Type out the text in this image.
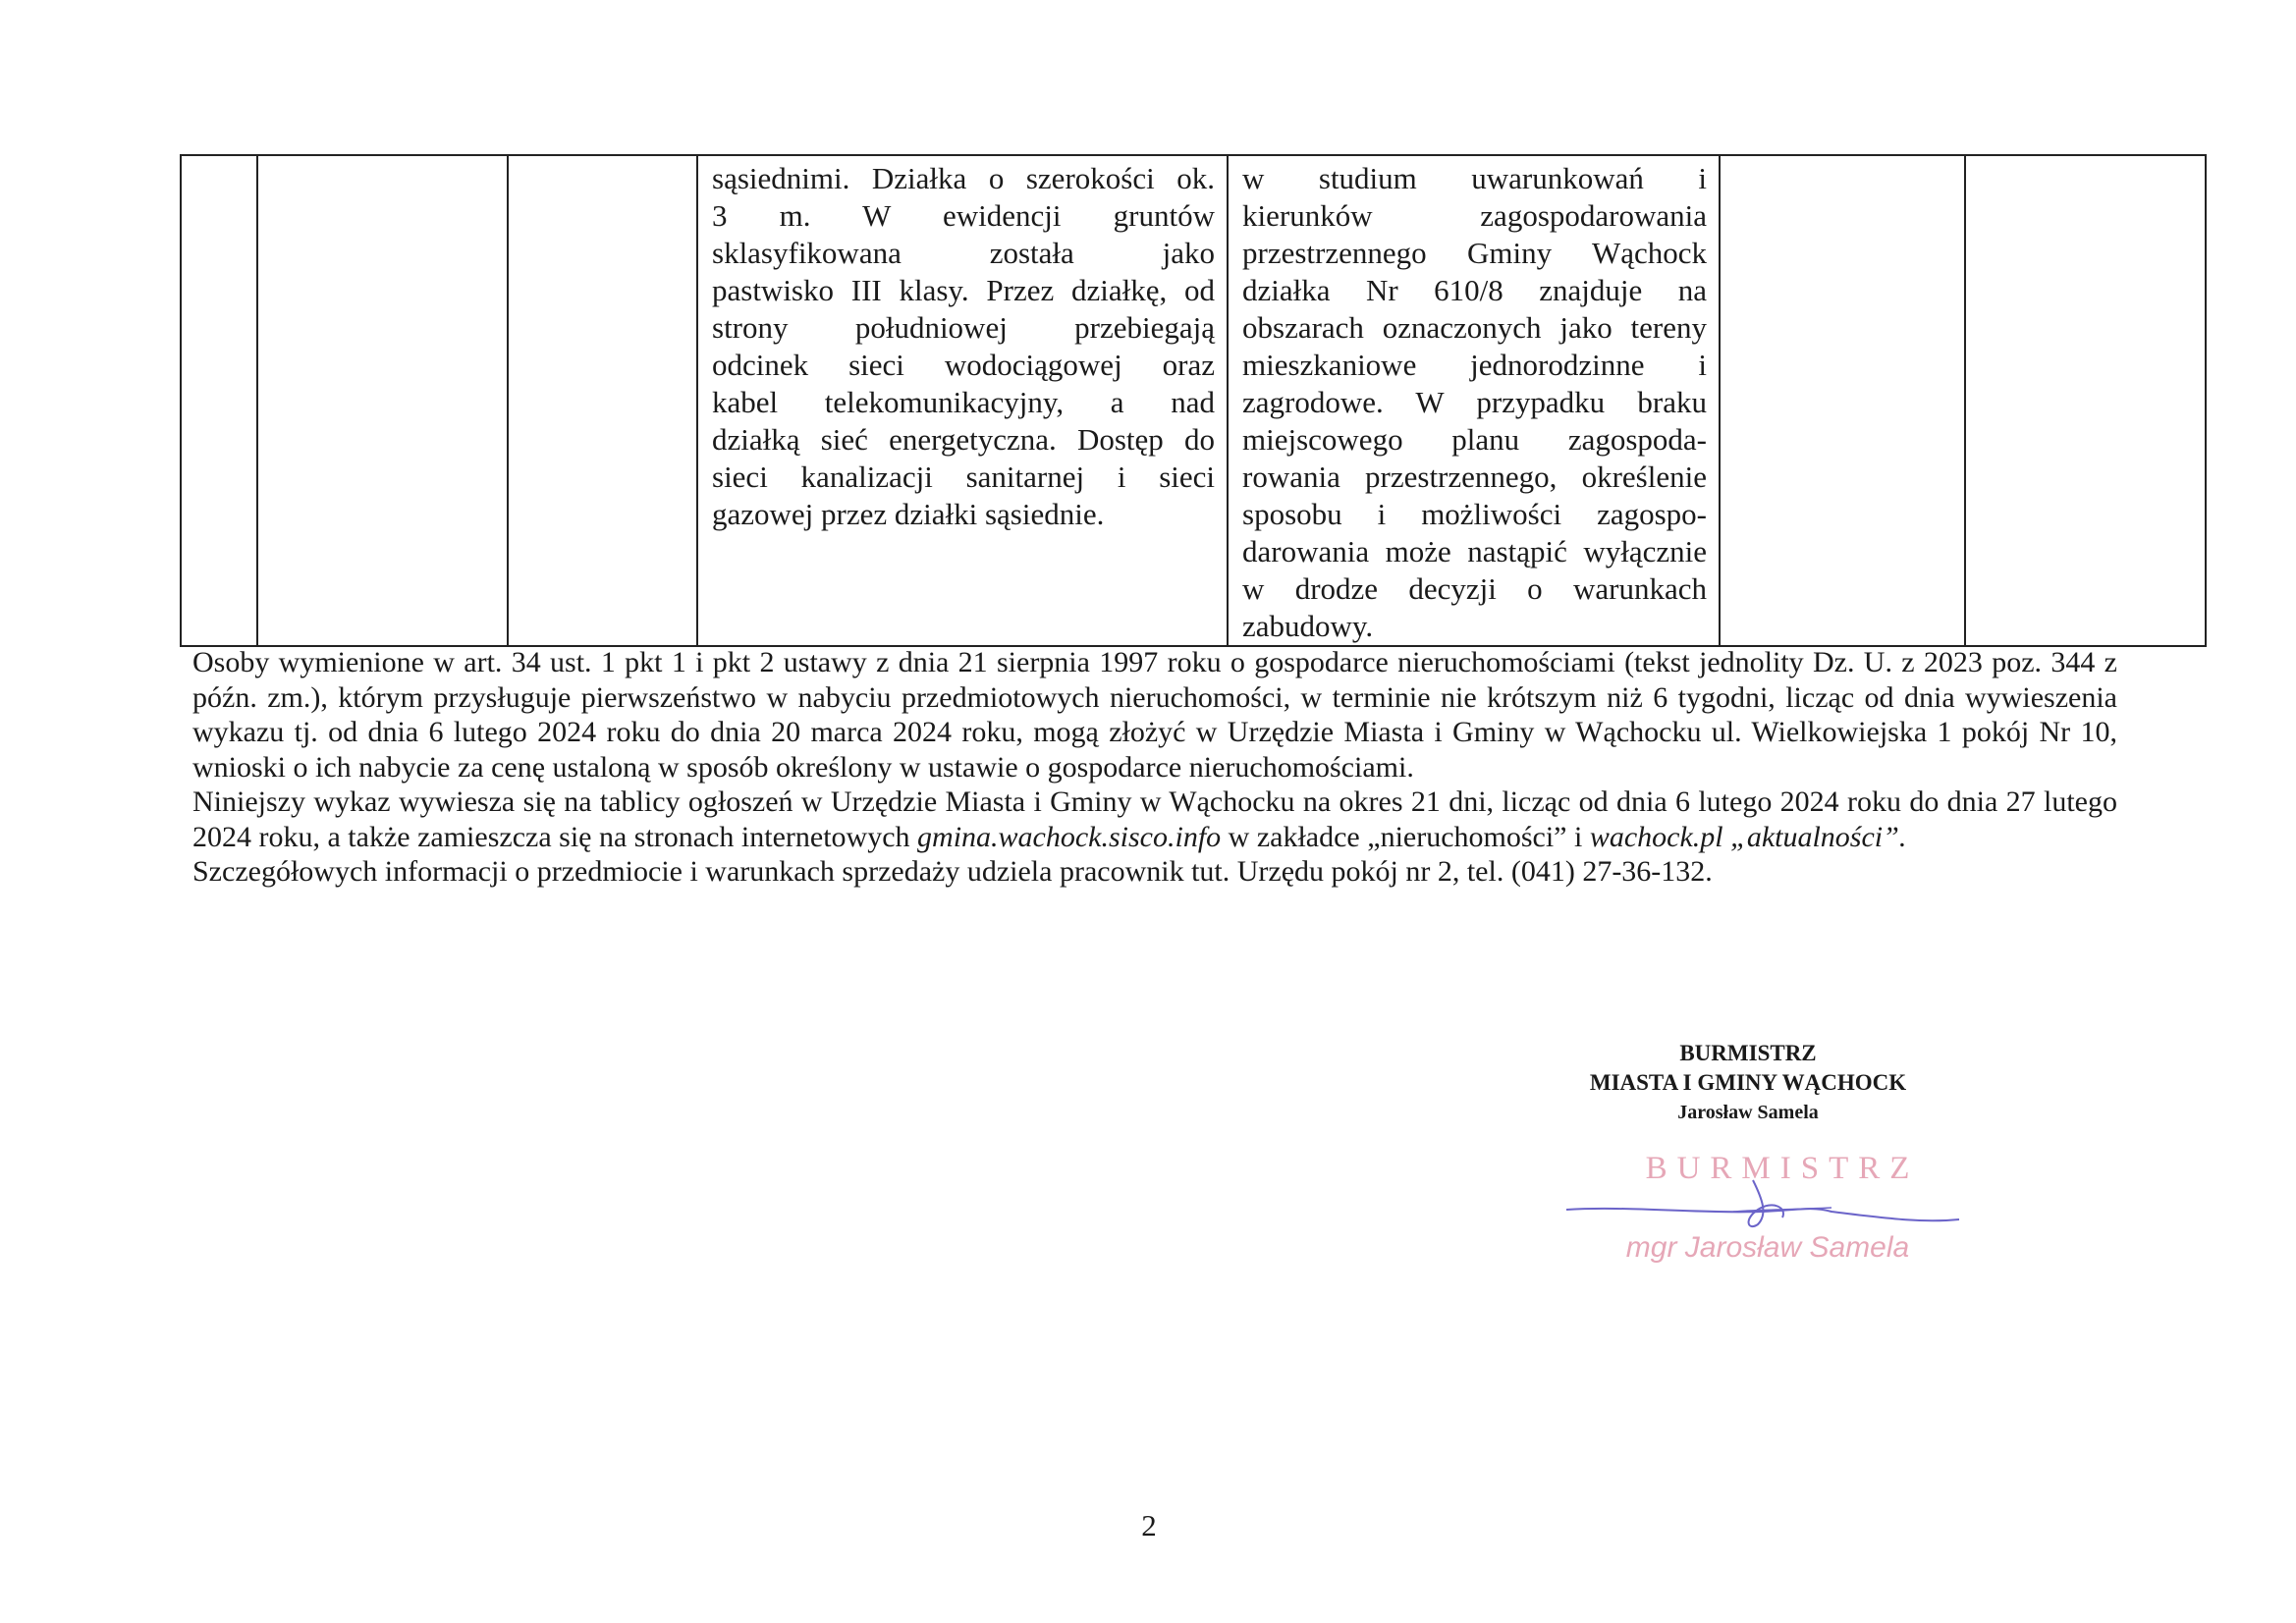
sąsiednimi. Działka o szerokości ok.
3 m. W ewidencji gruntów
sklasyfikowana została jako
pastwisko III klasy. Przez działkę, od
strony południowej przebiegają
odcinek sieci wodociągowej oraz
kabel telekomunikacyjny, a nad
działką sieć energetyczna. Dostęp do
sieci kanalizacji sanitarnej i sieci
gazowej przez działki sąsiednie.

w studium uwarunkowań i
kierunków zagospodarowania
przestrzennego Gminy Wąchock
działka Nr 610/8 znajduje na
obszarach oznaczonych jako tereny
mieszkaniowe jednorodzinne i
zagrodowe. W przypadku braku
miejscowego planu zagospoda-
rowania przestrzennego, określenie
sposobu i możliwości zagospo-
darowania może nastąpić wyłącznie
w drodze decyzji o warunkach
zabudowy.

Osoby wymienione w art. 34 ust. 1 pkt 1 i pkt 2 ustawy z dnia 21 sierpnia 1997 roku o gospodarce nieruchomościami (tekst jednolity Dz. U. z 2023 poz. 344 z późn. zm.), którym przysługuje pierwszeństwo w nabyciu przedmiotowych nieruchomości, w terminie nie krótszym niż 6 tygodni, licząc od dnia wywieszenia wykazu tj. od dnia 6 lutego 2024 roku do dnia 20 marca 2024 roku, mogą złożyć w Urzędzie Miasta i Gminy w Wąchocku ul. Wielkowiejska 1 pokój Nr 10, wnioski o ich nabycie za cenę ustaloną w sposób określony w ustawie o gospodarce nieruchomościami.

Niniejszy wykaz wywiesza się na tablicy ogłoszeń w Urzędzie Miasta i Gminy w Wąchocku na okres 21 dni, licząc od dnia 6 lutego 2024 roku do dnia 27 lutego 2024 roku, a także zamieszcza się na stronach internetowych gmina.wachock.sisco.info w zakładce „nieruchomości” i wachock.pl „aktualności”.

Szczegółowych informacji o przedmiocie i warunkach sprzedaży udziela pracownik tut. Urzędu pokój nr 2, tel. (041) 27-36-132.

BURMISTRZ
MIASTA I GMINY WĄCHOCK
Jarosław Samela
BURMISTRZ
mgr Jarosław Samela
2
